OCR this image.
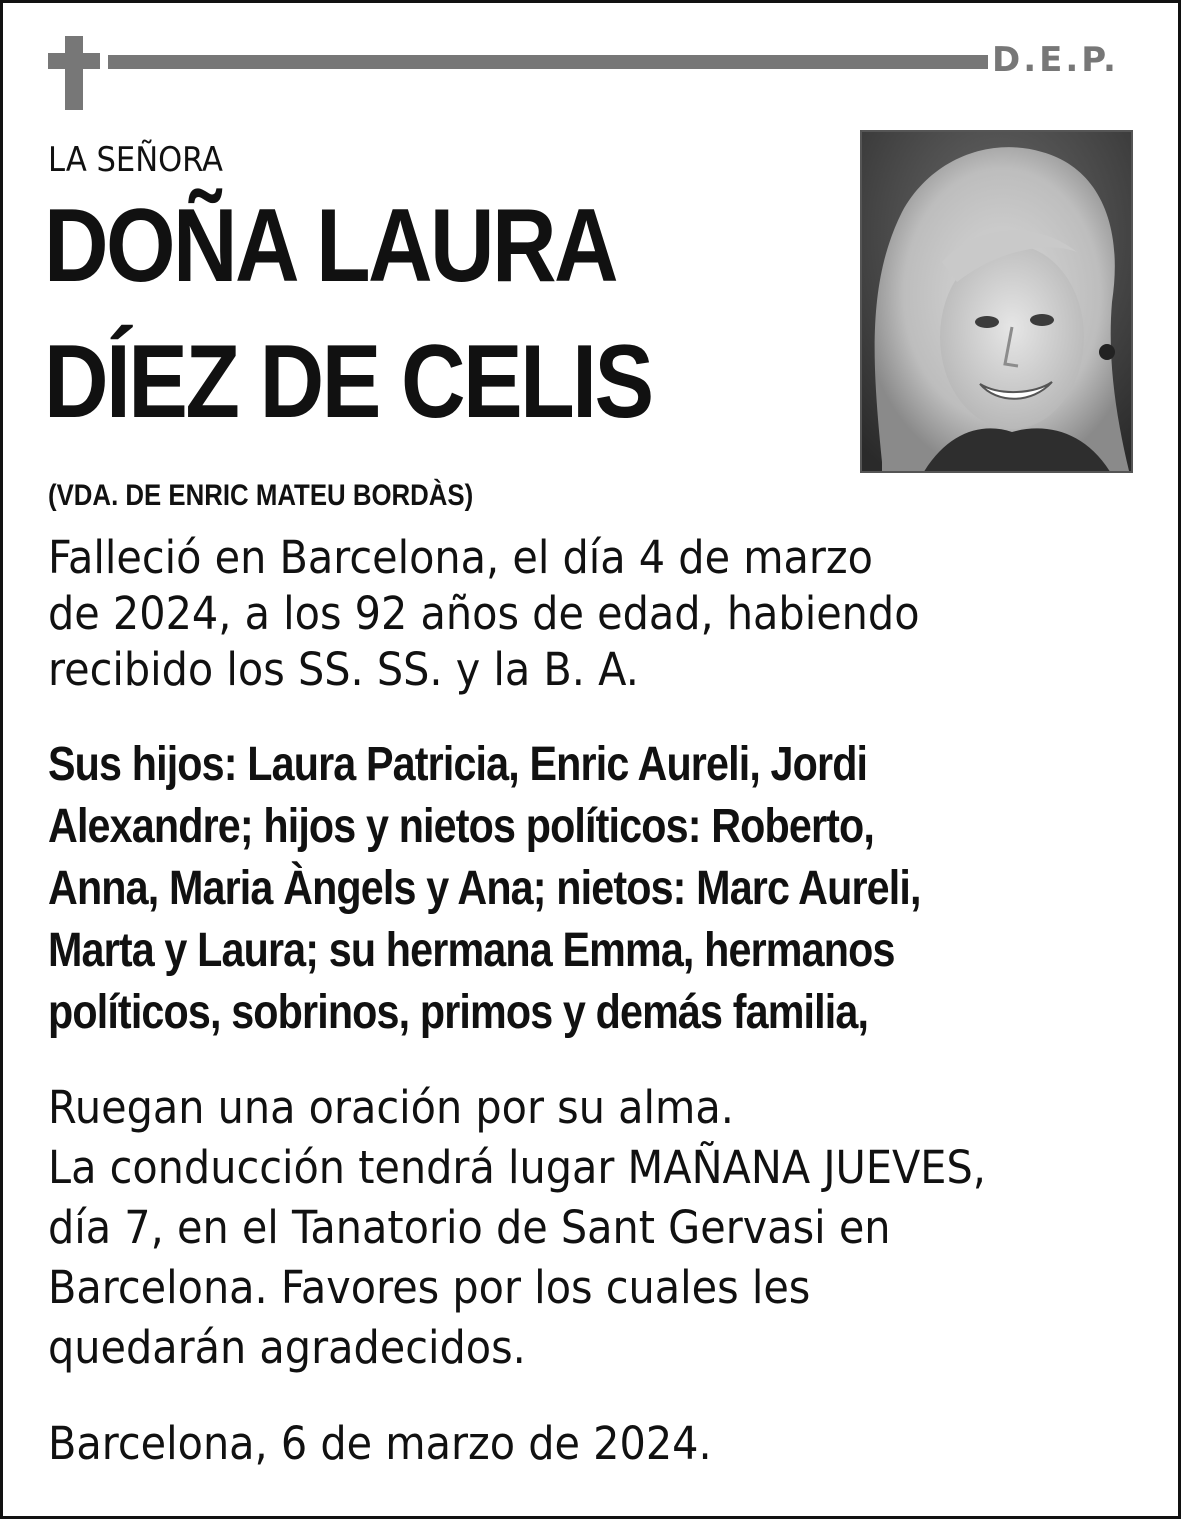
D.E.P.
LA SEÑORA
DOÑA LAURA
DÍEZ DE CELIS
(VDA. DE ENRIC MATEU BORDÀS)
Falleció en Barcelona, el día 4 de marzo
de 2024, a los 92 años de edad, habiendo
recibido los SS. SS. y la B. A.
Sus hijos: Laura Patricia, Enric Aureli, Jordi
Alexandre; hijos y nietos políticos: Roberto,
Anna, Maria Àngels y Ana; nietos: Marc Aureli,
Marta y Laura; su hermana Emma, hermanos
políticos, sobrinos, primos y demás familia,
Ruegan una oración por su alma.
La conducción tendrá lugar MAÑANA JUEVES,
día 7, en el Tanatorio de Sant Gervasi en
Barcelona. Favores por los cuales les
quedarán agradecidos.
Barcelona, 6 de marzo de 2024.
